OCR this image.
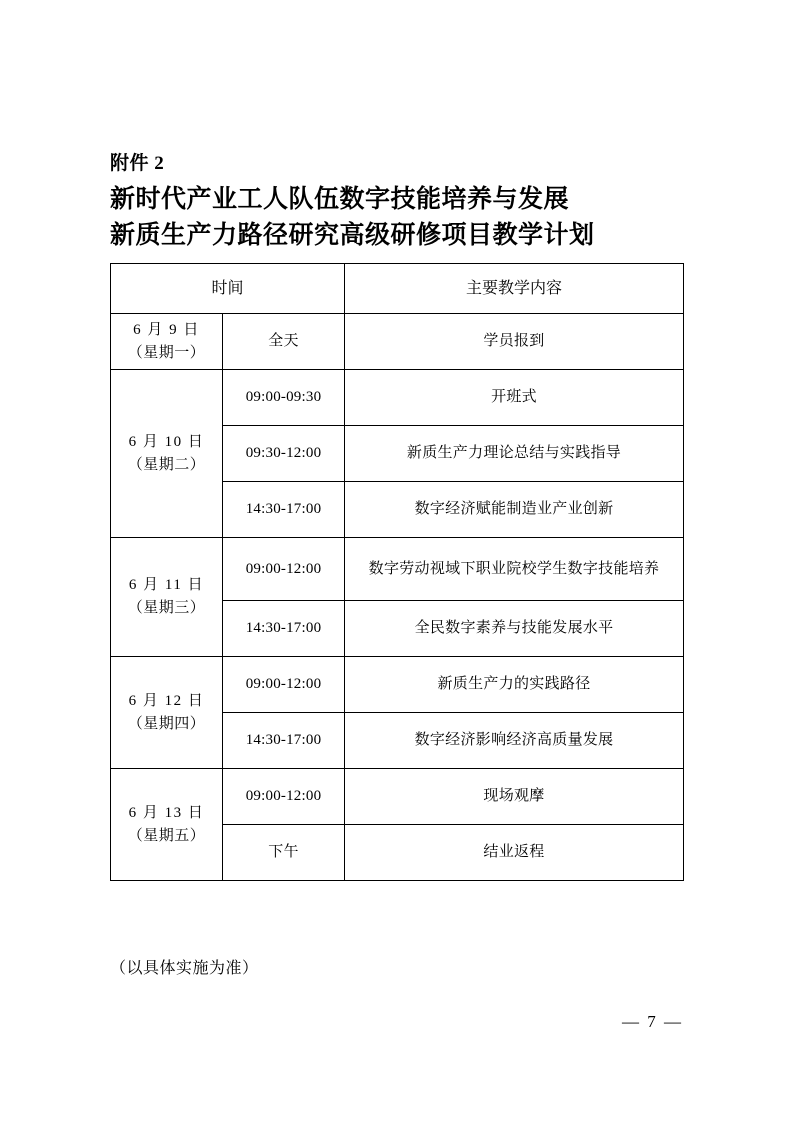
附件 2
新时代产业工人队伍数字技能培养与发展
新质生产力路径研究高级研修项目教学计划
时间		主要教学内容

6 月 9 日
（星期一）	全天	学员报到

6 月 10 日
（星期二）	09:00-09:30	开班式
	09:30-12:00	新质生产力理论总结与实践指导
	14:30-17:00	数字经济赋能制造业产业创新

6 月 11 日
（星期三）	09:00-12:00	数字劳动视域下职业院校学生数字技能培养
	14:30-17:00	全民数字素养与技能发展水平

6 月 12 日
（星期四）	09:00-12:00	新质生产力的实践路径
	14:30-17:00	数字经济影响经济高质量发展

6 月 13 日
（星期五）	09:00-12:00	现场观摩
	下午	结业返程
（以具体实施为准）
— 7 —
